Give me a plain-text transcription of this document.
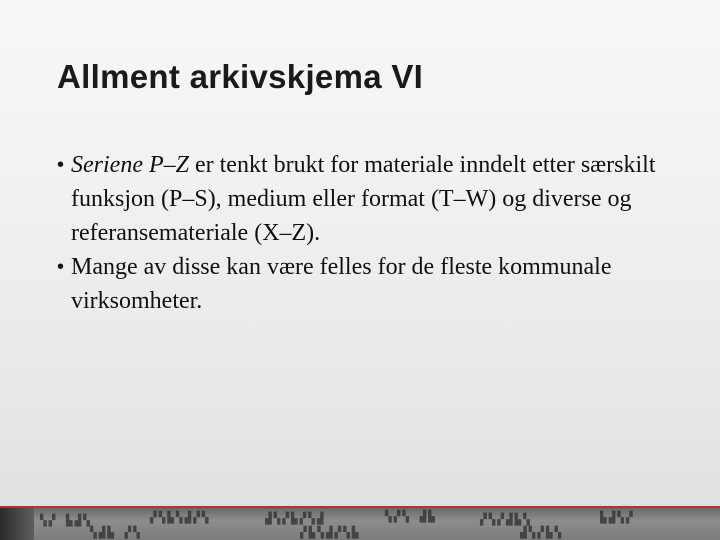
Allment arkivskjema VI
• Seriene P–Z er tenkt brukt for materiale inndelt etter særskilt funksjon (P–S), medium eller format (T–W) og diverse og referansemateriale (X–Z).
• Mange av disse kan være felles for de fleste kommunale virksomheter.
▚▞ ▙▟▚	▞▚▙▚▟▞▚	▟▚▞▙▞▚▟	▚▞▚ ▟▙	▞▚▞▟▙▚	▙▟▚▞
▚▟▙ ▞▚	▞▙▚▟▞▚▙	▟▚▞▙▚
